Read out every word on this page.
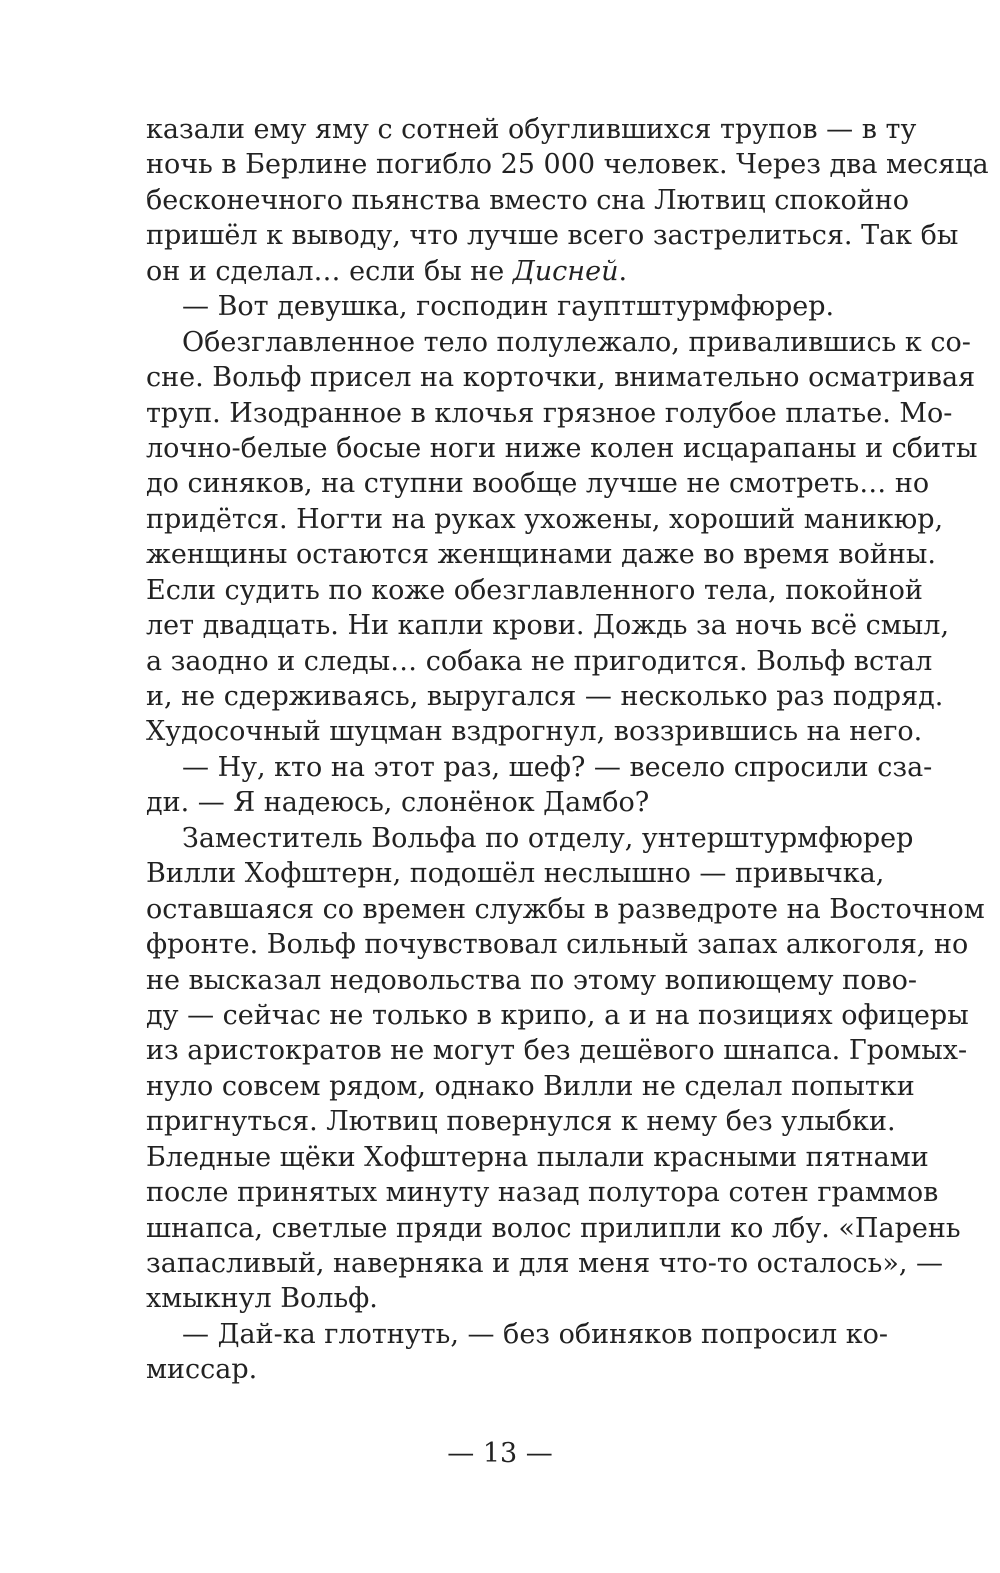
казали ему яму с сотней обуглившихся трупов — в ту
ночь в Берлине погибло 25 000 человек. Через два месяца
бесконечного пьянства вместо сна Лютвиц спокойно
пришёл к выводу, что лучше всего застрелиться. Так бы
он и сделал… если бы не Дисней.
— Вот девушка, господин гауптштурмфюрер.
Обезглавленное тело полулежало, привалившись к со-
сне. Вольф присел на корточки, внимательно осматривая
труп. Изодранное в клочья грязное голубое платье. Мо-
лочно-белые босые ноги ниже колен исцарапаны и сбиты
до синяков, на ступни вообще лучше не смотреть… но
придётся. Ногти на руках ухожены, хороший маникюр,
женщины остаются женщинами даже во время войны.
Если судить по коже обезглавленного тела, покойной
лет двадцать. Ни капли крови. Дождь за ночь всё смыл,
а заодно и следы… собака не пригодится. Вольф встал
и, не сдерживаясь, выругался — несколько раз подряд.
Худосочный шуцман вздрогнул, воззрившись на него.
— Ну, кто на этот раз, шеф? — весело спросили сза-
ди. — Я надеюсь, слонёнок Дамбо?
Заместитель Вольфа по отделу, унтерштурмфюрер
Вилли Хофштерн, подошёл неслышно — привычка,
оставшаяся со времен службы в разведроте на Восточном
фронте. Вольф почувствовал сильный запах алкоголя, но
не высказал недовольства по этому вопиющему пово-
ду — сейчас не только в крипо, а и на позициях офицеры
из аристократов не могут без дешёвого шнапса. Громых-
нуло совсем рядом, однако Вилли не сделал попытки
пригнуться. Лютвиц повернулся к нему без улыбки.
Бледные щёки Хофштерна пылали красными пятнами
после принятых минуту назад полутора сотен граммов
шнапса, светлые пряди волос прилипли ко лбу. «Парень
запасливый, наверняка и для меня что-то осталось», —
хмыкнул Вольф.
— Дай-ка глотнуть, — без обиняков попросил ко-
миссар.
— 13 —
